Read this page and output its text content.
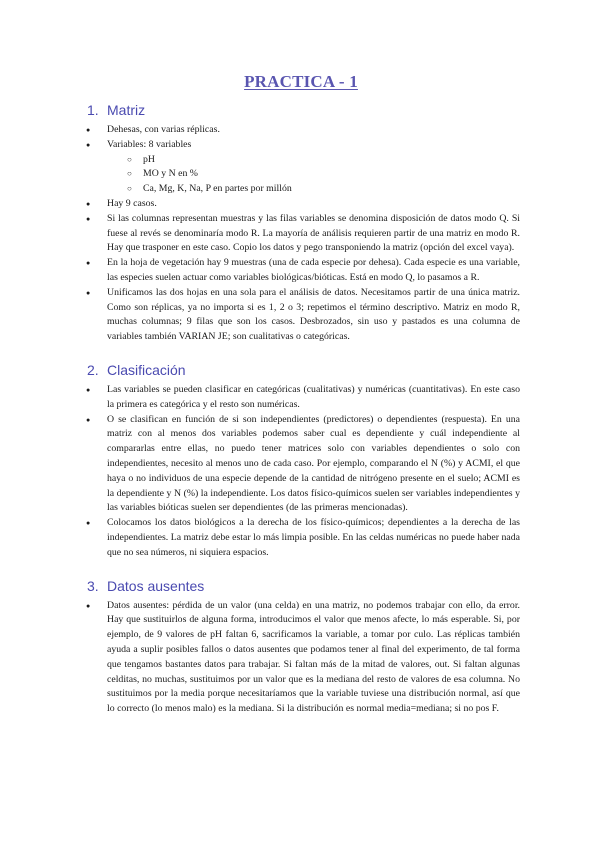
PRACTICA - 1
1. Matriz
● Dehesas, con varias réplicas.
● Variables: 8 variables
○ pH
○ MO y N en %
○ Ca, Mg, K, Na, P en partes por millón
● Hay 9 casos.
● Si las columnas representan muestras y las filas variables se denomina disposición de datos modo Q. Si fuese al revés se denominaría modo R. La mayoría de análisis requieren partir de una matriz en modo R. Hay que trasponer en este caso. Copio los datos y pego transponiendo la matriz (opción del excel vaya).
● En la hoja de vegetación hay 9 muestras (una de cada especie por dehesa). Cada especie es una variable, las especies suelen actuar como variables biológicas/bióticas. Está en modo Q, lo pasamos a R.
● Unificamos las dos hojas en una sola para el análisis de datos. Necesitamos partir de una única matriz. Como son réplicas, ya no importa si es 1, 2 o 3; repetimos el término descriptivo. Matriz en modo R, muchas columnas; 9 filas que son los casos. Desbrozados, sin uso y pastados es una columna de variables también VARIAN JE; son cualitativas o categóricas.
2. Clasificación
● Las variables se pueden clasificar en categóricas (cualitativas) y numéricas (cuantitativas). En este caso la primera es categórica y el resto son numéricas.
● O se clasifican en función de si son independientes (predictores) o dependientes (respuesta). En una matriz con al menos dos variables podemos saber cual es dependiente y cuál independiente al compararlas entre ellas, no puedo tener matrices solo con variables dependientes o solo con independientes, necesito al menos uno de cada caso. Por ejemplo, comparando el N (%) y ACMI, el que haya o no individuos de una especie depende de la cantidad de nitrógeno presente en el suelo; ACMI es la dependiente y N (%) la independiente. Los datos físico-químicos suelen ser variables independientes y las variables bióticas suelen ser dependientes (de las primeras mencionadas).
● Colocamos los datos biológicos a la derecha de los físico-químicos; dependientes a la derecha de las independientes. La matriz debe estar lo más limpia posible. En las celdas numéricas no puede haber nada que no sea números, ni siquiera espacios.
3. Datos ausentes
● Datos ausentes: pérdida de un valor (una celda) en una matriz, no podemos trabajar con ello, da error. Hay que sustituirlos de alguna forma, introducimos el valor que menos afecte, lo más esperable. Si, por ejemplo, de 9 valores de pH faltan 6, sacrificamos la variable, a tomar por culo. Las réplicas también ayuda a suplir posibles fallos o datos ausentes que podamos tener al final del experimento, de tal forma que tengamos bastantes datos para trabajar. Si faltan más de la mitad de valores, out. Si faltan algunas celditas, no muchas, sustituimos por un valor que es la mediana del resto de valores de esa columna. No sustituimos por la media porque necesitaríamos que la variable tuviese una distribución normal, así que lo correcto (lo menos malo) es la mediana. Si la distribución es normal media=mediana; si no pos F.
